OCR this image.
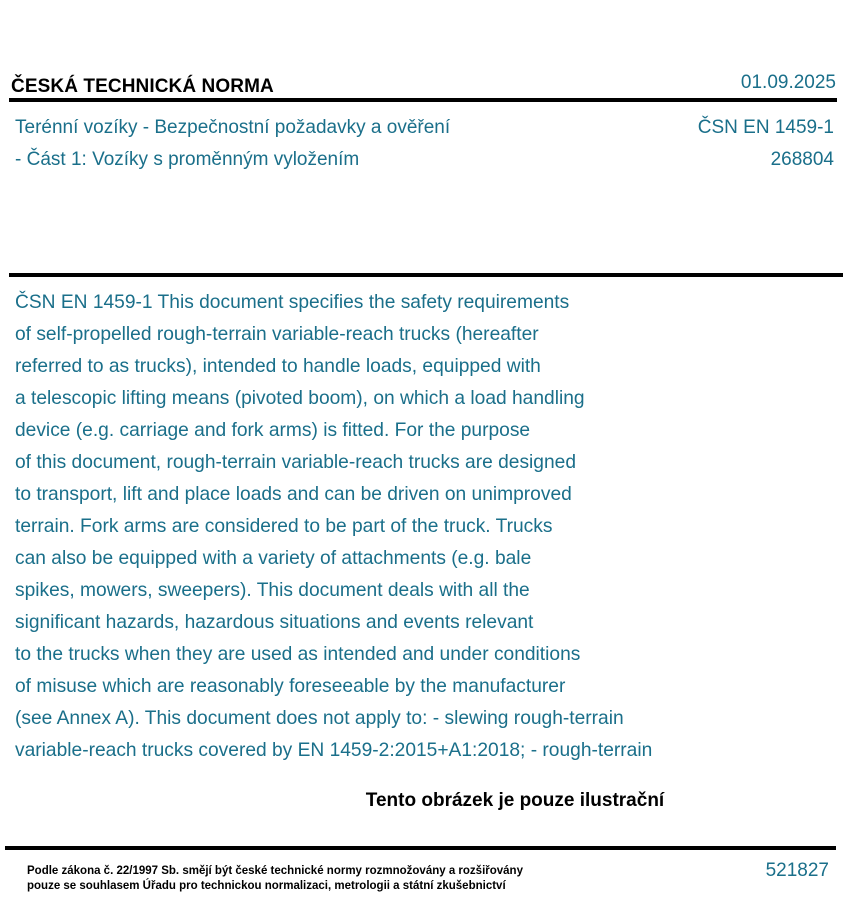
ČESKÁ TECHNICKÁ NORMA	01.09.2025
Terénní vozíky - Bezpečnostní požadavky a ověření
- Část 1: Vozíky s proměnným vyložením
ČSN EN 1459-1
268804
ČSN EN 1459-1 This document specifies the safety requirements
of self-propelled rough-terrain variable-reach trucks (hereafter
referred to as trucks), intended to handle loads, equipped with
a telescopic lifting means (pivoted boom), on which a load handling
device (e.g. carriage and fork arms) is fitted. For the purpose
of this document, rough-terrain variable-reach trucks are designed
to transport, lift and place loads and can be driven on unimproved
terrain. Fork arms are considered to be part of the truck. Trucks
can also be equipped with a variety of attachments (e.g. bale
spikes, mowers, sweepers). This document deals with all the
significant hazards, hazardous situations and events relevant
to the trucks when they are used as intended and under conditions
of misuse which are reasonably foreseeable by the manufacturer
(see Annex A). This document does not apply to: - slewing rough-terrain
variable-reach trucks covered by EN 1459-2:2015+A1:2018; - rough-terrain
Tento obrázek je pouze ilustrační
Podle zákona č. 22/1997 Sb. smějí být české technické normy rozmnožovány a rozšiřovány
pouze se souhlasem Úřadu pro technickou normalizaci, metrologii a státní zkušebnictví
521827
